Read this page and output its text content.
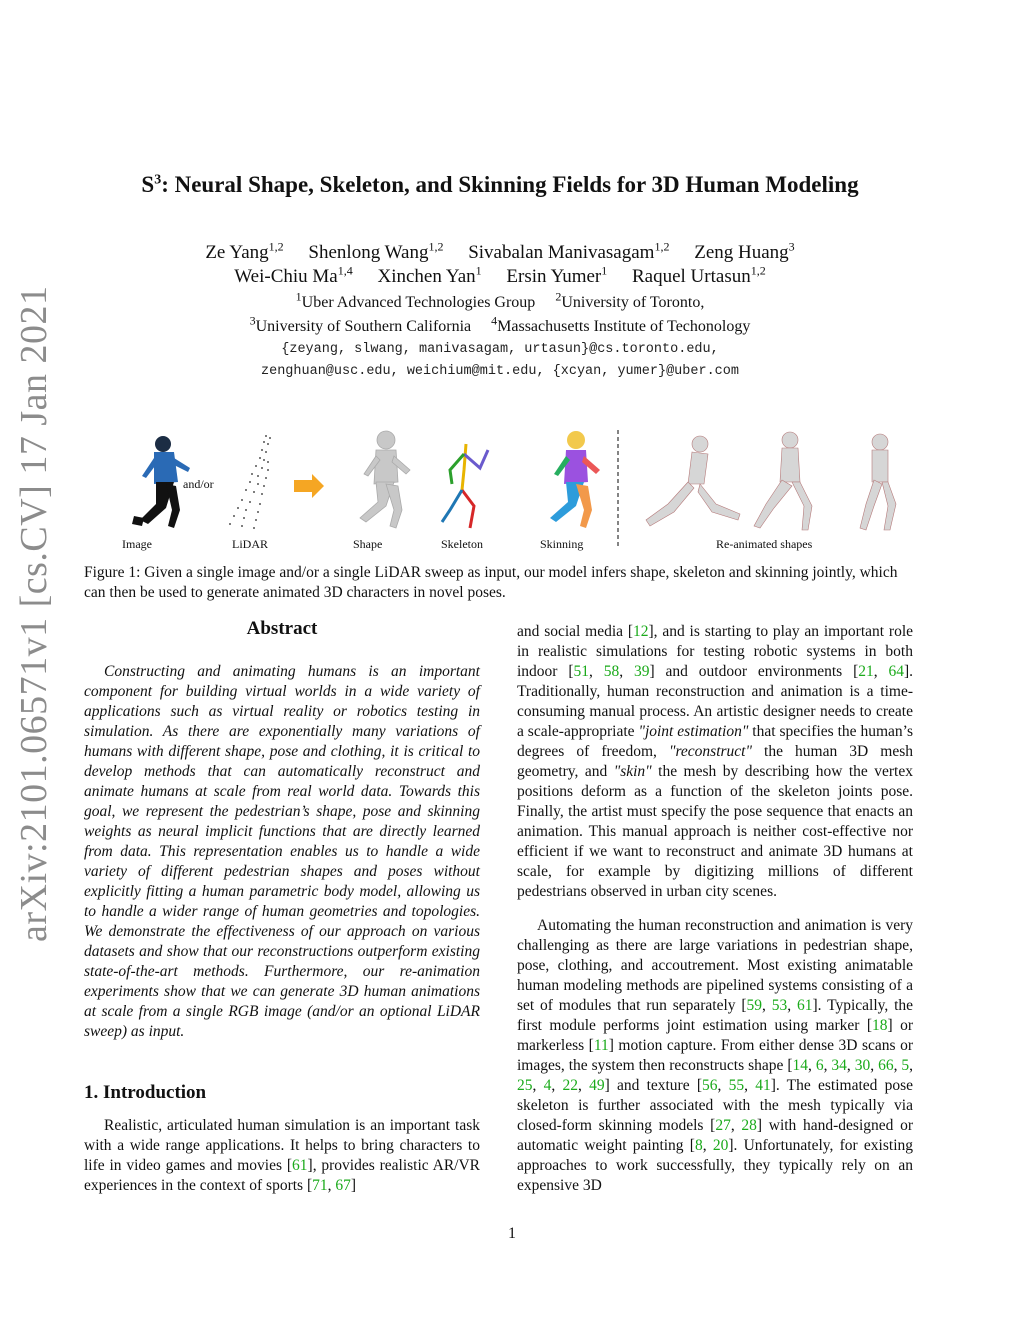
arXiv:2101.06571v1 [cs.CV] 17 Jan 2021
$S^3$: Neural Shape, Skeleton, and Skinning Fields for 3D Human Modeling
Ze Yang$^{1,2}$ Shenlong Wang$^{1,2}$ Sivabalan Manivasagam$^{1,2}$ Zeng Huang$^3$
Wei-Chiu Ma$^{1,4}$ Xinchen Yan$^1$ Ersin Yumer$^1$ Raquel Urtasun$^{1,2}$
$^1$Uber Advanced Technologies Group $^2$University of Toronto,
$^3$University of Southern California $^4$Massachusetts Institute of Techonology
{zeyang, slwang, manivasagam, urtasun}@cs.toronto.edu,
zenghuan@usc.edu, weichium@mit.edu, {xcyan, yumer}@uber.com
and/or
Image	LiDAR	Shape	Skeleton	Skinning	Re-animated shapes
Figure 1: Given a single image and/or a single LiDAR sweep as input, our model infers shape, skeleton and skinning jointly, which can then be used to generate animated 3D characters in novel poses.
Abstract
Constructing and animating humans is an important component for building virtual worlds in a wide variety of applications such as virtual reality or robotics testing in simulation. As there are exponentially many variations of humans with different shape, pose and clothing, it is critical to develop methods that can automatically reconstruct and animate humans at scale from real world data. Towards this goal, we represent the pedestrian’s shape, pose and skinning weights as neural implicit functions that are directly learned from data. This representation enables us to handle a wide variety of different pedestrian shapes and poses without explicitly fitting a human parametric body model, allowing us to handle a wider range of human geometries and topologies. We demonstrate the effectiveness of our approach on various datasets and show that our reconstructions outperform existing state-of-the-art methods. Furthermore, our re-animation experiments show that we can generate 3D human animations at scale from a single RGB image (and/or an optional LiDAR sweep) as input.
1. Introduction
Realistic, articulated human simulation is an important task with a wide range applications. It helps to bring characters to life in video games and movies [61], provides realistic AR/VR experiences in the context of sports [71, 67]
and social media [12], and is starting to play an important role in realistic simulations for testing robotic systems in both indoor [51, 58, 39] and outdoor environments [21, 64]. Traditionally, human reconstruction and animation is a time-consuming manual process. An artistic designer needs to create a scale-appropriate "joint estimation" that specifies the human’s degrees of freedom, "reconstruct" the human 3D mesh geometry, and "skin" the mesh by describing how the vertex positions deform as a function of the skeleton joints pose. Finally, the artist must specify the pose sequence that enacts an animation. This manual approach is neither cost-effective nor efficient if we want to reconstruct and animate 3D humans at scale, for example by digitizing millions of different pedestrians observed in urban city scenes.
Automating the human reconstruction and animation is very challenging as there are large variations in pedestrian shape, pose, clothing, and accoutrement. Most existing animatable human modeling methods are pipelined systems consisting of a set of modules that run separately [59, 53, 61]. Typically, the first module performs joint estimation using marker [18] or markerless [11] motion capture. From either dense 3D scans or images, the system then reconstructs shape [14, 6, 34, 30, 66, 5, 25, 4, 22, 49] and texture [56, 55, 41]. The estimated pose skeleton is further associated with the mesh typically via closed-form skinning models [27, 28] with hand-designed or automatic weight painting [8, 20]. Unfortunately, for existing approaches to work successfully, they typically rely on an expensive 3D
1
